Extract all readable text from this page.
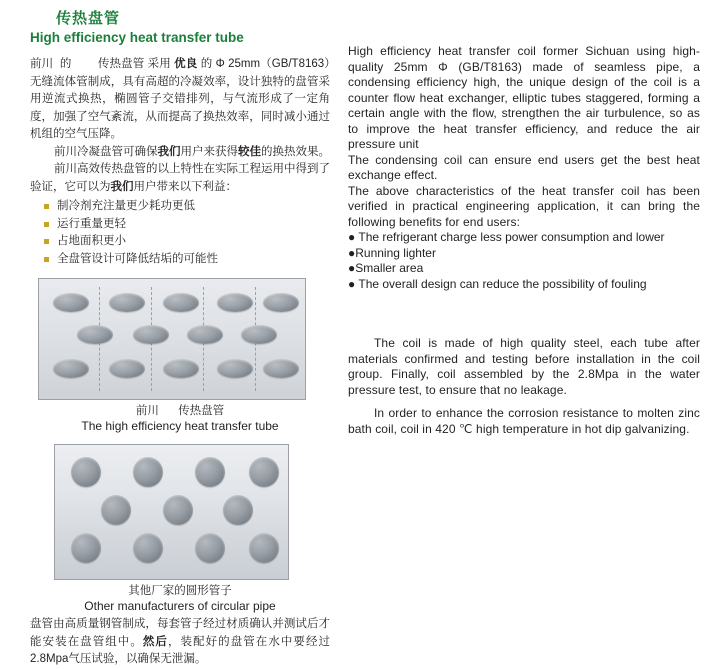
传热盘管
High efficiency heat transfer tube

前川 的 传热盘管 采用 优良 的 Φ 25mm（GB/T8163）无缝流体管制成，具有高超的冷凝效率，设计独特的盘管采用逆流式换热，椭圆管子交错排列，与气流形成了一定角度，加强了空气紊流，从而提高了换热效率，同时减小通过机组的空气压降。

前川冷凝盘管可确保我们用户来获得较佳的换热效果。

前川高效传热盘管的以上特性在实际工程运用中得到了验证，它可以为我们用户带来以下利益：

制冷剂充注量更少耗功更低
运行重量更轻
占地面积更小
全盘管设计可降低结垢的可能性
前川 传热盘管
The high efficiency heat transfer tube
其他厂家的圆形管子
Other manufacturers of circular pipe

盘管由高质量钢管制成，每套管子经过材质确认并测试后才能安装在盘管组中。然后，装配好的盘管在水中要经过2.8Mpa气压试验，以确保无泄漏。

High efficiency heat transfer coil former Sichuan using high-quality 25mm Φ (GB/T8163) made of seamless pipe, a condensing efficiency high, the unique design of the coil is a counter flow heat exchanger, elliptic tubes staggered, forming a certain angle with the flow, strengthen the air turbulence, so as to improve the heat transfer efficiency, and reduce the air pressure unit

The condensing coil can ensure end users get the best heat exchange effect.

The above characteristics of the heat transfer coil has been verified in practical engineering application, it can bring the following benefits for end users:

● The refrigerant charge less power consumption and lower
●Running lighter
●Smaller area
● The overall design can reduce the possibility of fouling

The coil is made of high quality steel, each tube after materials confirmed and testing before installation in the coil group. Finally, coil assembled by the 2.8Mpa in the water pressure test, to ensure that no leakage.

In order to enhance the corrosion resistance to molten zinc bath coil, coil in 420 ℃ high temperature in hot dip galvanizing.
